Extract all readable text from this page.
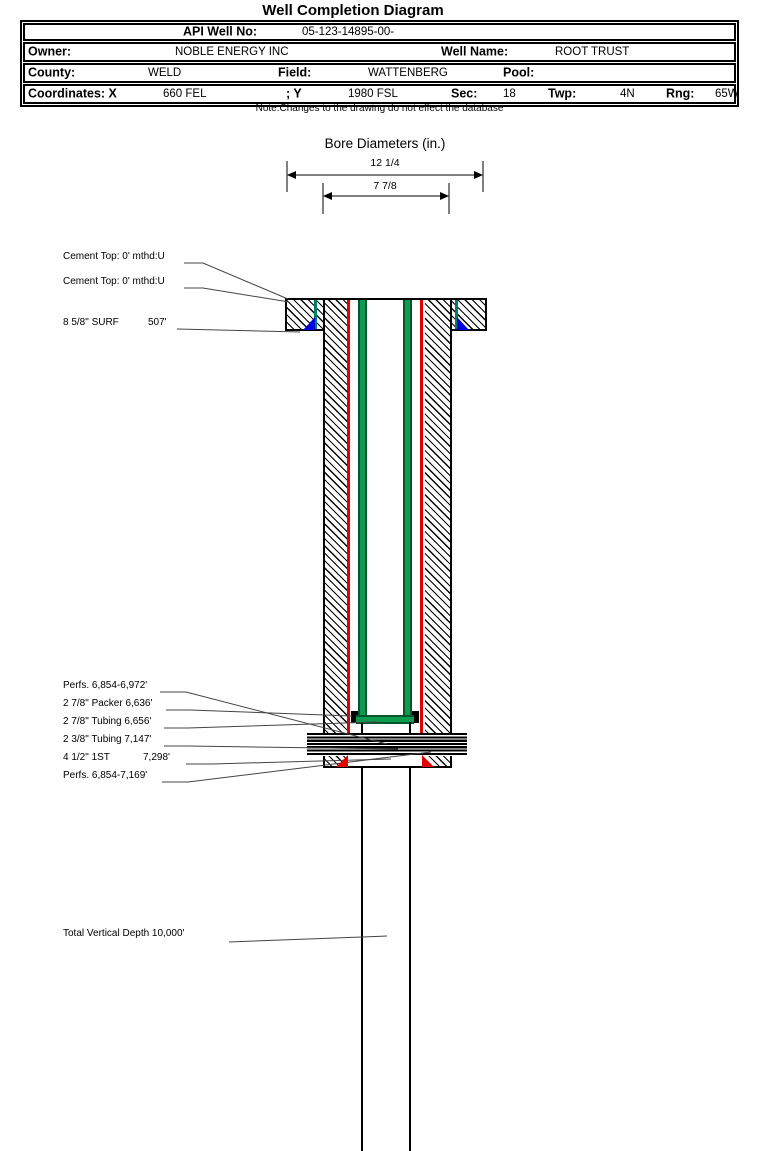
Well Completion Diagram
API Well No:	05-123-14895-00-
Owner:	NOBLE ENERGY INC	Well Name:	ROOT TRUST
County:	WELD	Field:	WATTENBERG	Pool:
Coordinates: X	660 FEL	; Y	1980 FSL	Sec: 18	Twp:	4N	Rng: 65W
Note:Changes to the drawing do not effect the database
Bore Diameters (in.)
12 1/4
7 7/8
Cement Top: 0' mthd:U
Cement Top: 0' mthd:U
8 5/8" SURF	507'
Perfs. 6,854-6,972'
2 7/8" Packer 6,636'
2 7/8" Tubing 6,656'
2 3/8" Tubing 7,147'
4 1/2" 1ST	7,298'
Perfs. 6,854-7,169'
Total Vertical Depth 10,000'
